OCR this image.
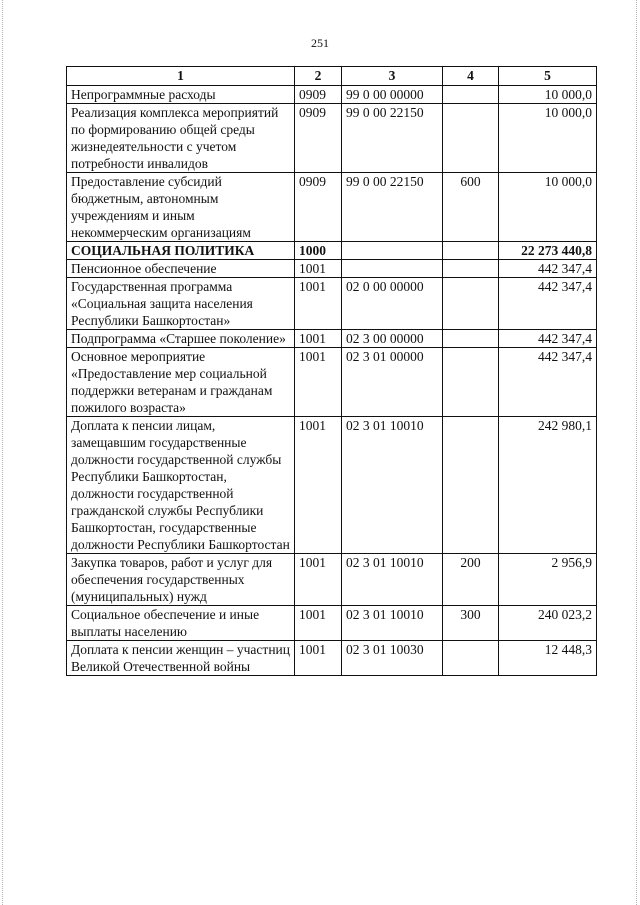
251
1	2	3	4	5
Непрограммные расходы	0909	99 0 00 00000		10 000,0
Реализация комплекса мероприятий по формированию общей среды жизнедеятельности с учетом потребности инвалидов	0909	99 0 00 22150		10 000,0
Предоставление субсидий бюджетным, автономным учреждениям и иным некоммерческим организациям	0909	99 0 00 22150	600	10 000,0
СОЦИАЛЬНАЯ ПОЛИТИКА	1000			22 273 440,8
Пенсионное обеспечение	1001			442 347,4
Государственная программа «Социальная защита населения Республики Башкортостан»	1001	02 0 00 00000		442 347,4
Подпрограмма «Старшее поколение»	1001	02 3 00 00000		442 347,4
Основное мероприятие «Предоставление мер социальной поддержки ветеранам и гражданам пожилого возраста»	1001	02 3 01 00000		442 347,4
Доплата к пенсии лицам, замещавшим государственные должности государственной службы Республики Башкортостан, должности государственной гражданской службы Республики Башкортостан, государственные должности Республики Башкортостан	1001	02 3 01 10010		242 980,1
Закупка товаров, работ и услуг для обеспечения государственных (муниципальных) нужд	1001	02 3 01 10010	200	2 956,9
Социальное обеспечение и иные выплаты населению	1001	02 3 01 10010	300	240 023,2
Доплата к пенсии женщин – участниц Великой Отечественной войны	1001	02 3 01 10030		12 448,3
